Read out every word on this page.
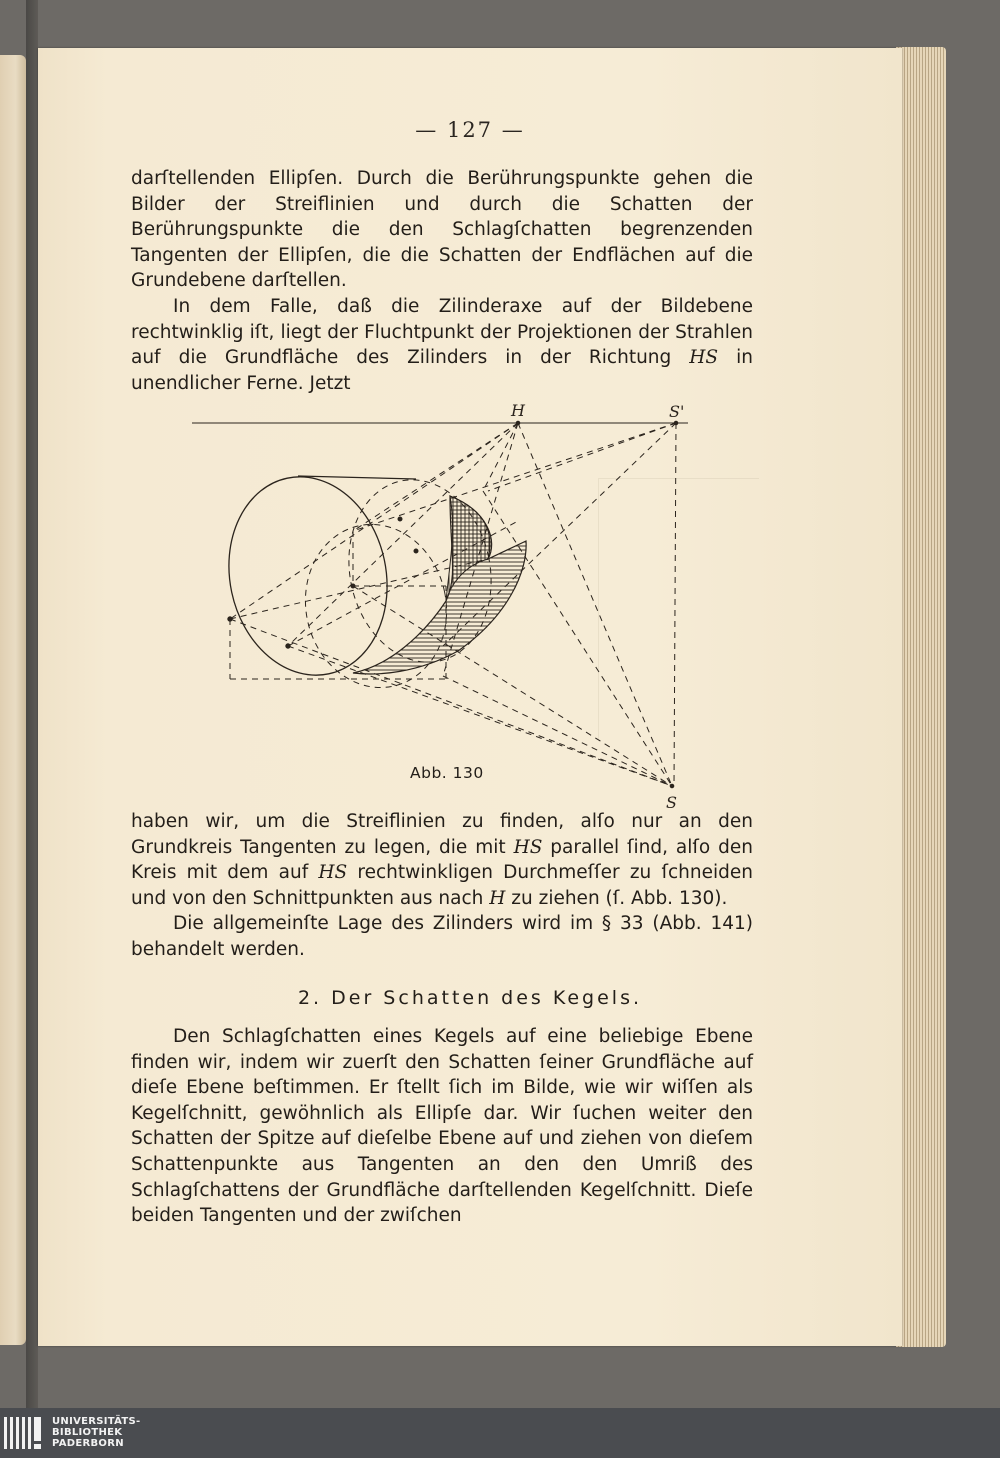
— 127 —

darſtellenden Ellipſen. Durch die Berührungspunkte gehen die Bilder der Streiflinien und durch die Schatten der Berührungspunkte die den Schlagſchatten begrenzenden Tangenten der Ellipſen, die die Schatten der Endflächen auf die Grundebene darſtellen.

In dem Falle, daß die Zilinderaxe auf der Bildebene rechtwinklig iſt, liegt der Fluchtpunkt der Projektionen der Strahlen auf die Grundfläche des Zilinders in der Richtung HS in unendlicher Ferne. Jetzt

H	S'
S
Abb. 130

haben wir, um die Streiflinien zu finden, alſo nur an den Grundkreis Tangenten zu legen, die mit HS parallel ſind, alſo den Kreis mit dem auf HS rechtwinkligen Durchmeſſer zu ſchneiden und von den Schnittpunkten aus nach H zu ziehen (ſ. Abb. 130).

Die allgemeinſte Lage des Zilinders wird im § 33 (Abb. 141) behandelt werden.

2. Der Schatten des Kegels.

Den Schlagſchatten eines Kegels auf eine beliebige Ebene finden wir, indem wir zuerſt den Schatten ſeiner Grundfläche auf dieſe Ebene beſtimmen. Er ſtellt ſich im Bilde, wie wir wiſſen als Kegelſchnitt, gewöhnlich als Ellipſe dar. Wir ſuchen weiter den Schatten der Spitze auf dieſelbe Ebene auf und ziehen von dieſem Schattenpunkte aus Tangenten an den den Umriß des Schlagſchattens der Grundfläche darſtellenden Kegelſchnitt. Dieſe beiden Tangenten und der zwiſchen

UNIVERSITÄTS-
BIBLIOTHEK
PADERBORN
